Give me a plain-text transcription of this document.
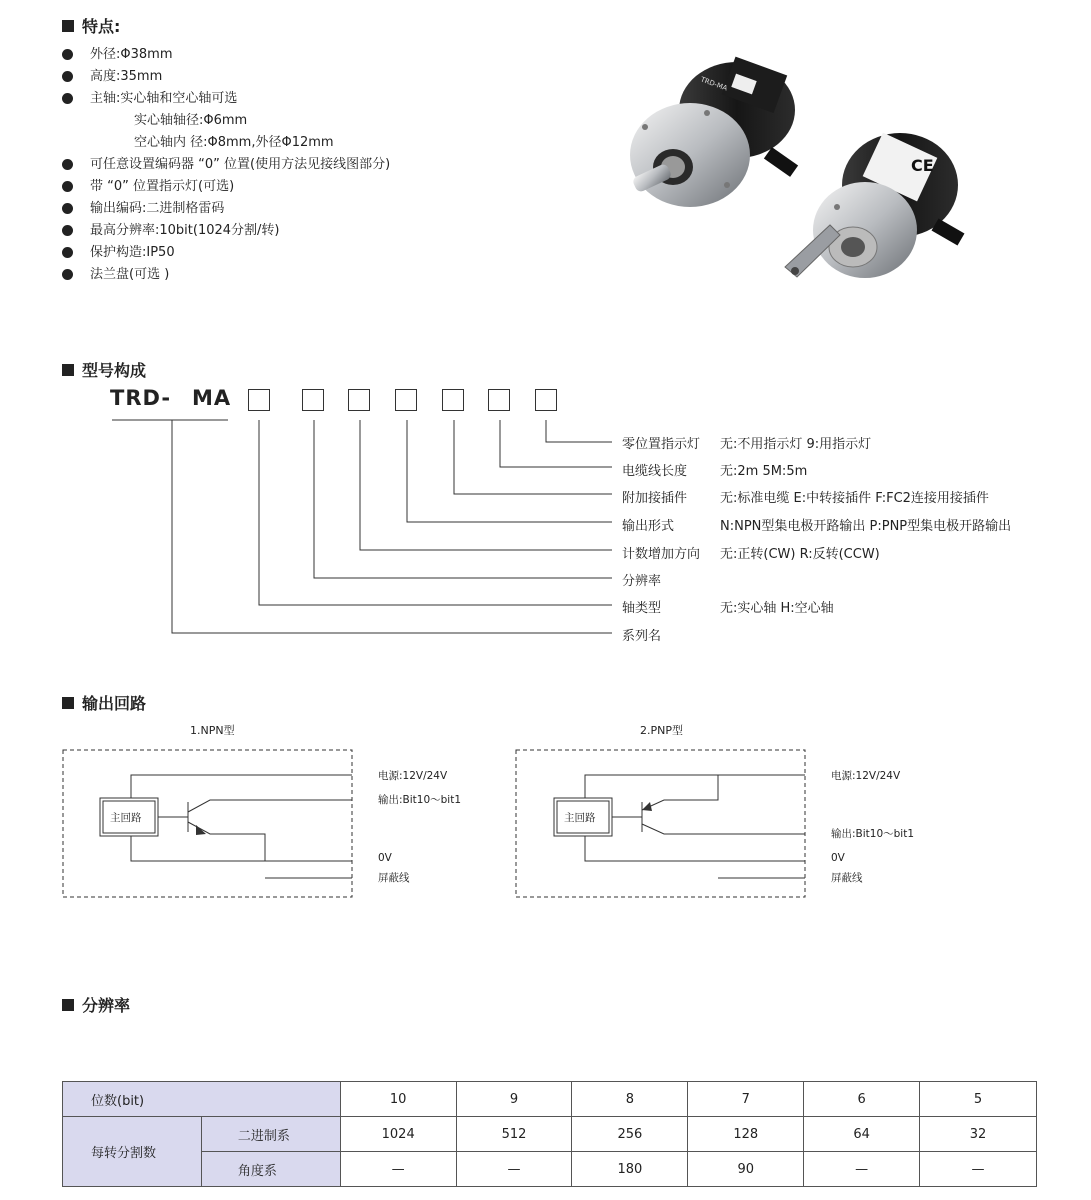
特点:
外径:Φ38mm
高度:35mm
主轴:实心轴和空心轴可选
实心轴轴径:Φ6mm
空心轴内 径:Φ8mm,外径Φ12mm
可任意设置编码器 “0” 位置(使用方法见接线图部分)
带 “0” 位置指示灯(可选)
输出编码:二进制格雷码
最高分辨率:10bit(1024分割/转)
保护构造:IP50
法兰盘(可选 )
CE
TRD-MA
型号构成
TRD- MA
零位置指示灯 无:不用指示灯 9:用指示灯
电缆线长度	无:2m 5M:5m
附加接插件	无:标准电缆 E:中转接插件 F:FC2连接用接插件
输出形式	N:NPN型集电极开路输出 P:PNP型集电极开路输出
计数增加方向 无:正转(CW) R:反转(CCW)
分辨率
轴类型	无:实心轴 H:空心轴
系列名
输出回路
1.NPN型	2.PNP型
主回路
电源:12V/24V
输出:Bit10～bit1
0V
屏蔽线
主回路
电源:12V/24V
输出:Bit10～bit1
0V
屏蔽线
分辨率
位数(bit)		10	9	8	7	6	5
每转分割数	二进制系	1024	512	256	128	64	32
	角度系	—	—	180	90	—	—
